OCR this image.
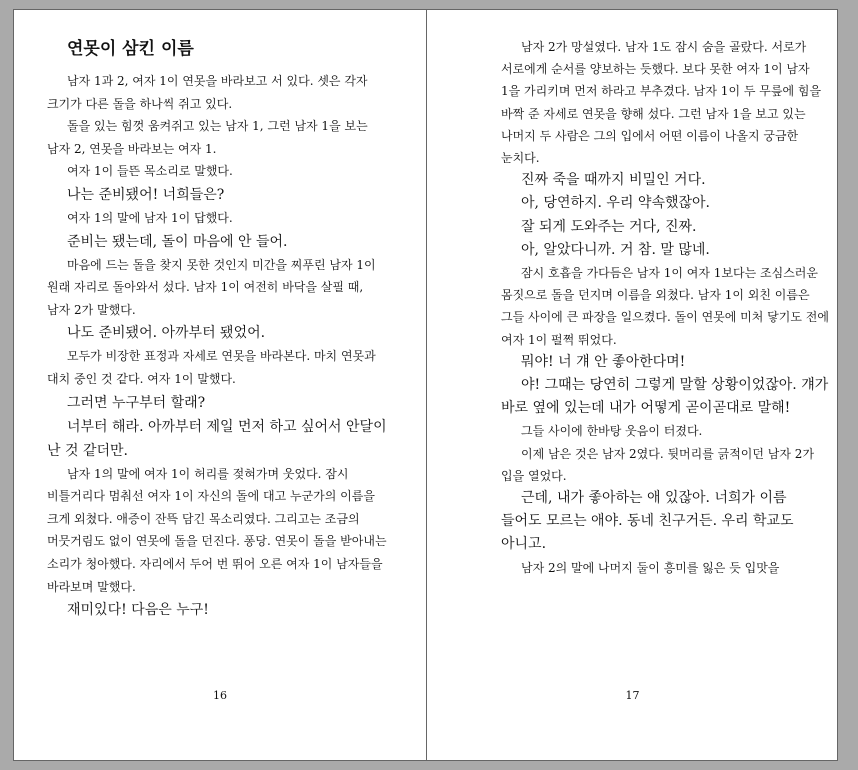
연못이 삼킨 이름

남자 1과 2, 여자 1이 연못을 바라보고 서 있다. 셋은 각자 크기가 다른 돌을 하나씩 쥐고 있다.

돌을 있는 힘껏 움켜쥐고 있는 남자 1, 그런 남자 1을 보는 남자 2, 연못을 바라보는 여자 1.

여자 1이 들뜬 목소리로 말했다.

나는 준비됐어! 너희들은?

여자 1의 말에 남자 1이 답했다.

준비는 됐는데, 돌이 마음에 안 들어.

마음에 드는 돌을 찾지 못한 것인지 미간을 찌푸린 남자 1이 원래 자리로 돌아와서 섰다. 남자 1이 여전히 바닥을 살필 때, 남자 2가 말했다.

나도 준비됐어. 아까부터 됐었어.

모두가 비장한 표정과 자세로 연못을 바라본다. 마치 연못과 대치 중인 것 같다. 여자 1이 말했다.

그러면 누구부터 할래?

너부터 해라. 아까부터 제일 먼저 하고 싶어서 안달이 난 것 같더만.

남자 1의 말에 여자 1이 허리를 젖혀가며 웃었다. 잠시 비틀거리다 멈춰선 여자 1이 자신의 돌에 대고 누군가의 이름을 크게 외쳤다. 애증이 잔뜩 담긴 목소리였다. 그리고는 조금의 머뭇거림도 없이 연못에 돌을 던진다. 퐁당. 연못이 돌을 받아내는 소리가 청아했다. 자리에서 두어 번 뛰어 오른 여자 1이 남자들을 바라보며 말했다.

재미있다! 다음은 누구!

16

남자 2가 망설였다. 남자 1도 잠시 숨을 골랐다. 서로가 서로에게 순서를 양보하는 듯했다. 보다 못한 여자 1이 남자 1을 가리키며 먼저 하라고 부추겼다. 남자 1이 두 무릎에 힘을 바짝 준 자세로 연못을 향해 섰다. 그런 남자 1을 보고 있는 나머지 두 사람은 그의 입에서 어떤 이름이 나올지 궁금한 눈치다.

진짜 죽을 때까지 비밀인 거다.

아, 당연하지. 우리 약속했잖아.

잘 되게 도와주는 거다, 진짜.

아, 알았다니까. 거 참. 말 많네.

잠시 호흡을 가다듬은 남자 1이 여자 1보다는 조심스러운 몸짓으로 돌을 던지며 이름을 외쳤다. 남자 1이 외친 이름은 그들 사이에 큰 파장을 일으켰다. 돌이 연못에 미처 닿기도 전에 여자 1이 펄쩍 뛰었다.

뭐야! 너 걔 안 좋아한다며!

야! 그때는 당연히 그렇게 말할 상황이었잖아. 걔가 바로 옆에 있는데 내가 어떻게 곧이곧대로 말해!

그들 사이에 한바탕 웃음이 터졌다.

이제 남은 것은 남자 2였다. 뒷머리를 긁적이던 남자 2가 입을 열었다.

근데, 내가 좋아하는 애 있잖아. 너희가 이름 들어도 모르는 애야. 동네 친구거든. 우리 학교도 아니고.

남자 2의 말에 나머지 둘이 흥미를 잃은 듯 입맛을

17
